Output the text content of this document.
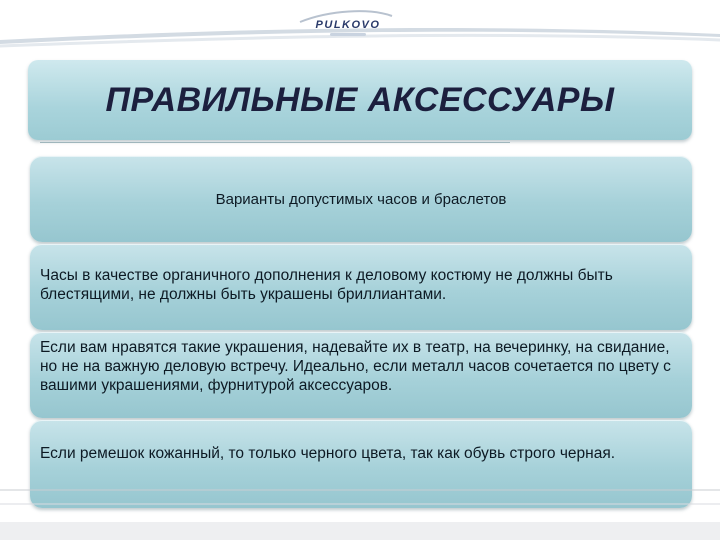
PULKOVO
ПРАВИЛЬНЫЕ АКСЕССУАРЫ
Варианты допустимых часов и браслетов
Часы в качестве органичного дополнения к деловому костюму не должны быть блестящими, не должны быть украшены бриллиантами.
Если вам нравятся такие украшения, надевайте их в театр, на вечеринку, на свидание, но не на важную деловую встречу. Идеально, если металл часов сочетается по цвету с вашими украшениями, фурнитурой аксессуаров.
Если ремешок кожанный, то только черного цвета, так как обувь строго черная.
